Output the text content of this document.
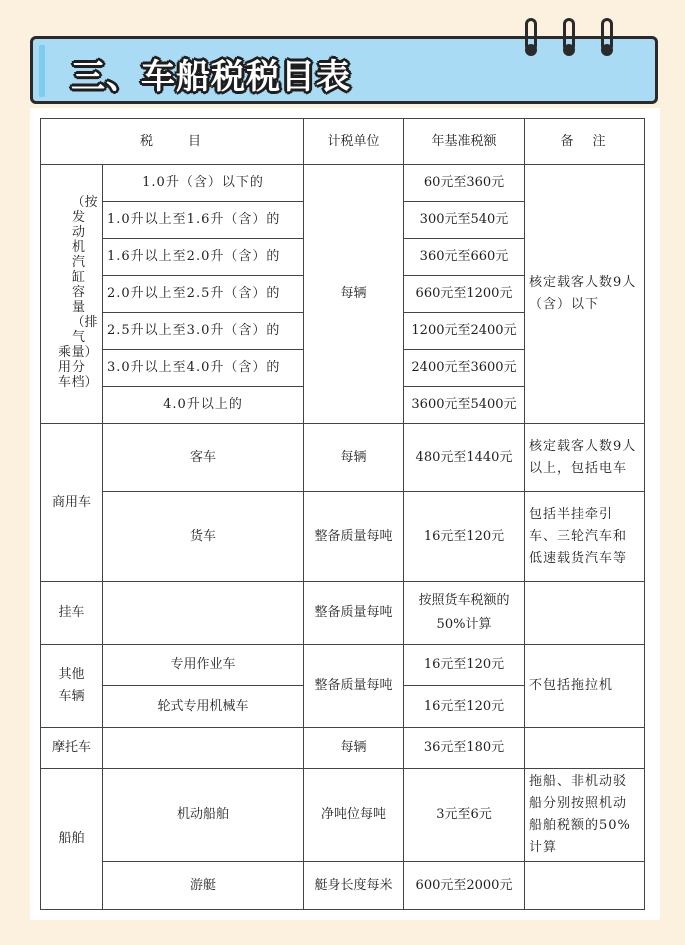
三、车船税税目表
税　　目		计税单位	年基准税额	备　注
乘用车（按发动机汽缸容量（排气量）分档）	1.0升（含）以下的	每辆	60元至360元	核定载客人数9人（含）以下
	1.0升以上至1.6升（含）的		300元至540元	
	1.6升以上至2.0升（含）的		360元至660元	
	2.0升以上至2.5升（含）的		660元至1200元	
	2.5升以上至3.0升（含）的		1200元至2400元	
	3.0升以上至4.0升（含）的		2400元至3600元	
	4.0升以上的		3600元至5400元	
商用车	客车	每辆	480元至1440元	核定载客人数9人以上，包括电车
	货车	整备质量每吨	16元至120元	包括半挂牵引车、三轮汽车和低速载货汽车等
挂车		整备质量每吨	按照货车税额的50%计算	
其他车辆	专用作业车	整备质量每吨	16元至120元	不包括拖拉机
	轮式专用机械车		16元至120元	
摩托车		每辆	36元至180元	
船舶	机动船舶	净吨位每吨	3元至6元	拖船、非机动驳船分别按照机动船舶税额的50%计算
	游艇	艇身长度每米	600元至2000元	
